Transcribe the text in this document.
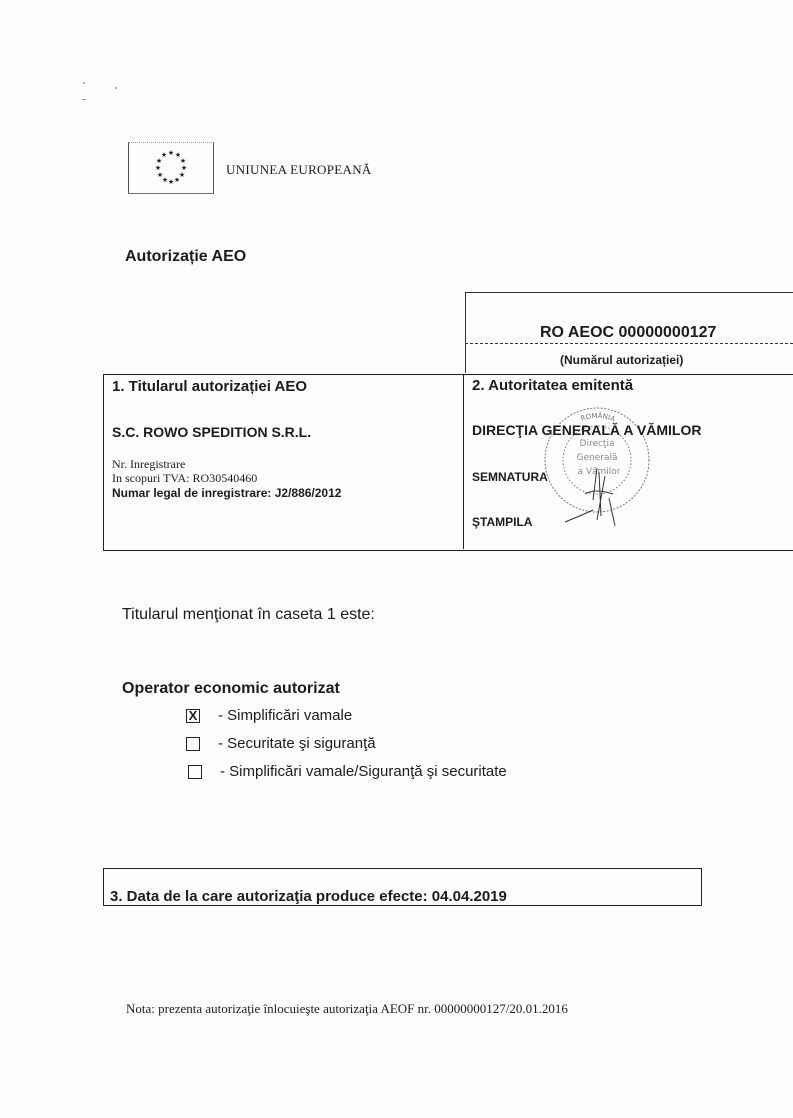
★ ★
★
★
★
★
★
★
★
★
★ ★
UNIUNEA EUROPEANĂ
Autorizație AEO
RO AEOC 00000000127
(Numărul autorizației)
1. Titularul autorizației AEO
S.C. ROWO SPEDITION S.R.L.
Nr. Inregistrare
In scopuri TVA: RO30540460
Numar legal de inregistrare: J2/886/2012
2. Autoritatea emitentă
ROMÂNIA
Direcţia
Generală
a Vămilor
DIRECŢIA GENERALĂ A VĂMILOR
SEMNATURA
ŞTAMPILA
Titularul menţionat în caseta 1 este:
Operator economic autorizat
X - Simplificări vamale
- Securitate şi siguranţă
- Simplificări vamale/Siguranţă şi securitate
3. Data de la care autorizaţia produce efecte: 04.04.2019
Nota: prezenta autorizaţie înlocuieşte autorizaţia AEOF nr. 00000000127/20.01.2016
